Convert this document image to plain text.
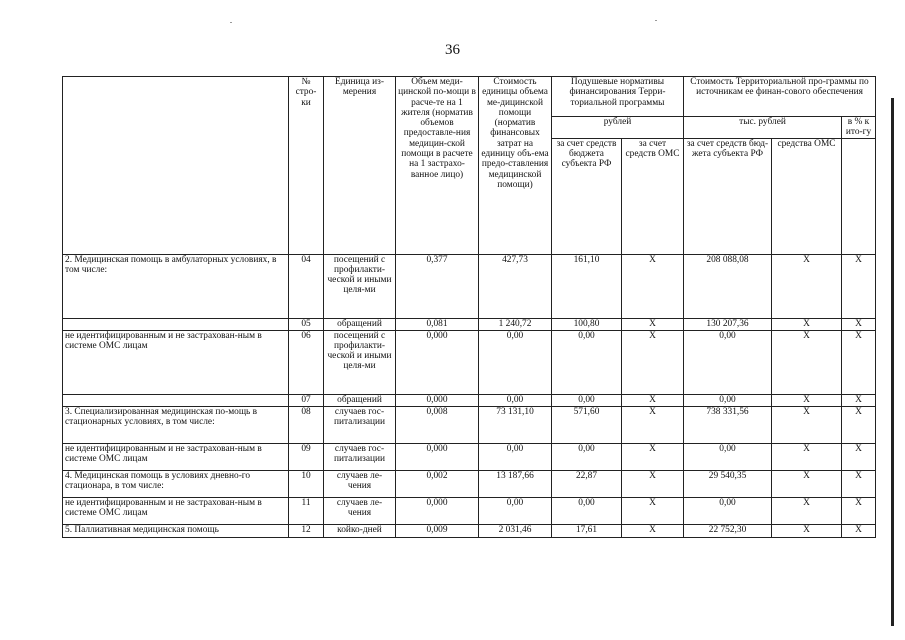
36
	№ стро-ки	Единица из-мерения	Объем меди-цинской по-мощи в расче-те на 1 жителя (норматив объемов предоставле-ния медицин-ской помощи в расчете на 1 застрахо-ванное лицо)	Стоимость единицы объема ме-дицинской помощи (норматив финансовых затрат на единицу объ-ема предо-ставления медицинской помощи)	Подушевые нормативы финансирования Терри-ториальной программы		Стоимость Территориальной про-граммы по источникам ее финан-сового обеспечения		
					рублей		тыс. рублей		в % к ито-гу
					за счет средств бюджета субъекта РФ	за счет средств ОМС	за счет средств бюд-жета субъекта РФ	средства ОМС	
2. Медицинская помощь в амбулаторных условиях, в том числе:	04	посещений с профилакти-ческой и иными целя-ми	0,377	427,73	161,10	X	208 088,08	X	X
	05	обращений	0,081	1 240,72	100,80	X	130 207,36	X	X
не идентифицированным и не застрахован-ным в системе ОМС лицам	06	посещений с профилакти-ческой и иными целя-ми	0,000	0,00	0,00	X	0,00	X	X
	07	обращений	0,000	0,00	0,00	X	0,00	X	X
3. Специализированная медицинская по-мощь в стационарных условиях, в том числе:	08	случаев гос-питализации	0,008	73 131,10	571,60	X	738 331,56	X	X
не идентифицированным и не застрахован-ным в системе ОМС лицам	09	случаев гос-питализации	0,000	0,00	0,00	X	0,00	X	X
4. Медицинская помощь в условиях дневно-го стационара, в том числе:	10	случаев ле-чения	0,002	13 187,66	22,87	X	29 540,35	X	X
не идентифицированным и не застрахован-ным в системе ОМС лицам	11	случаев ле-чения	0,000	0,00	0,00	X	0,00	X	X
5. Паллиативная медицинская помощь	12	койко-дней	0,009	2 031,46	17,61	X	22 752,30	X	X
